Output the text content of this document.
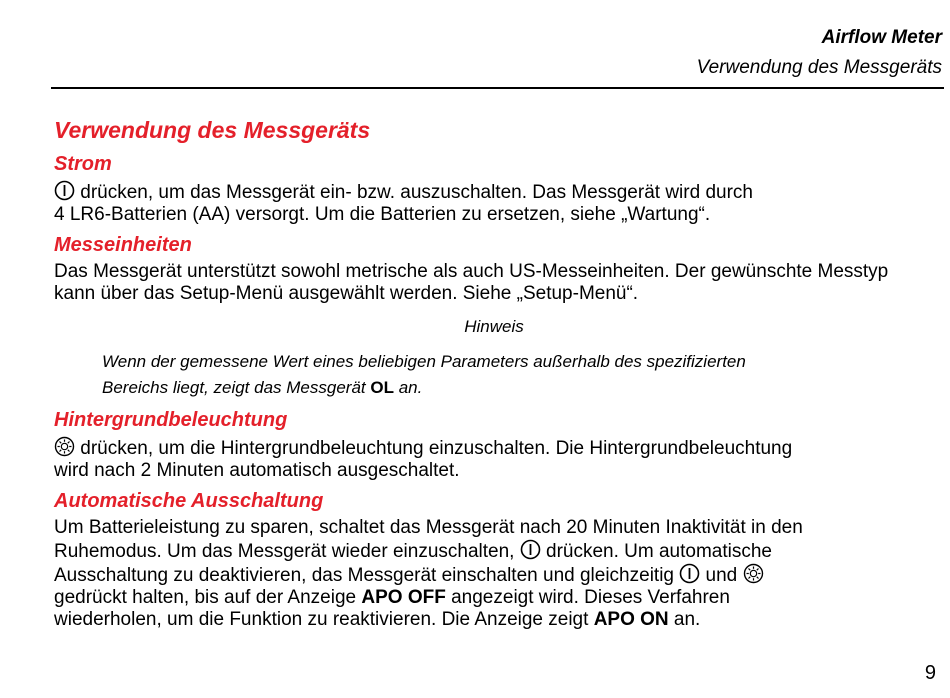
Airflow Meter
Verwendung des Messgeräts
Verwendung des Messgeräts
Strom

drücken, um das Messgerät ein- bzw. auszuschalten. Das Messgerät wird durch
4 LR6-Batterien (AA) versorgt. Um die Batterien zu ersetzen, siehe „Wartung“.

Messeinheiten

Das Messgerät unterstützt sowohl metrische als auch US-Messeinheiten. Der gewünschte Messtyp kann über das Setup-Menü ausgewählt werden. Siehe „Setup-Menü“.

Hinweis
Wenn der gemessene Wert eines beliebigen Parameters außerhalb des spezifizierten
Bereichs liegt, zeigt das Messgerät OL an.
Hintergrundbeleuchtung

drücken, um die Hintergrundbeleuchtung einzuschalten. Die Hintergrundbeleuchtung
wird nach 2 Minuten automatisch ausgeschaltet.

Automatische Ausschaltung

Um Batterieleistung zu sparen, schaltet das Messgerät nach 20 Minuten Inaktivität in den
Ruhemodus. Um das Messgerät wieder einzuschalten,  drücken. Um automatische
Ausschaltung zu deaktivieren, das Messgerät einschalten und gleichzeitig  und
gedrückt halten, bis auf der Anzeige APO OFF angezeigt wird. Dieses Verfahren
wiederholen, um die Funktion zu reaktivieren. Die Anzeige zeigt APO ON an.

9
